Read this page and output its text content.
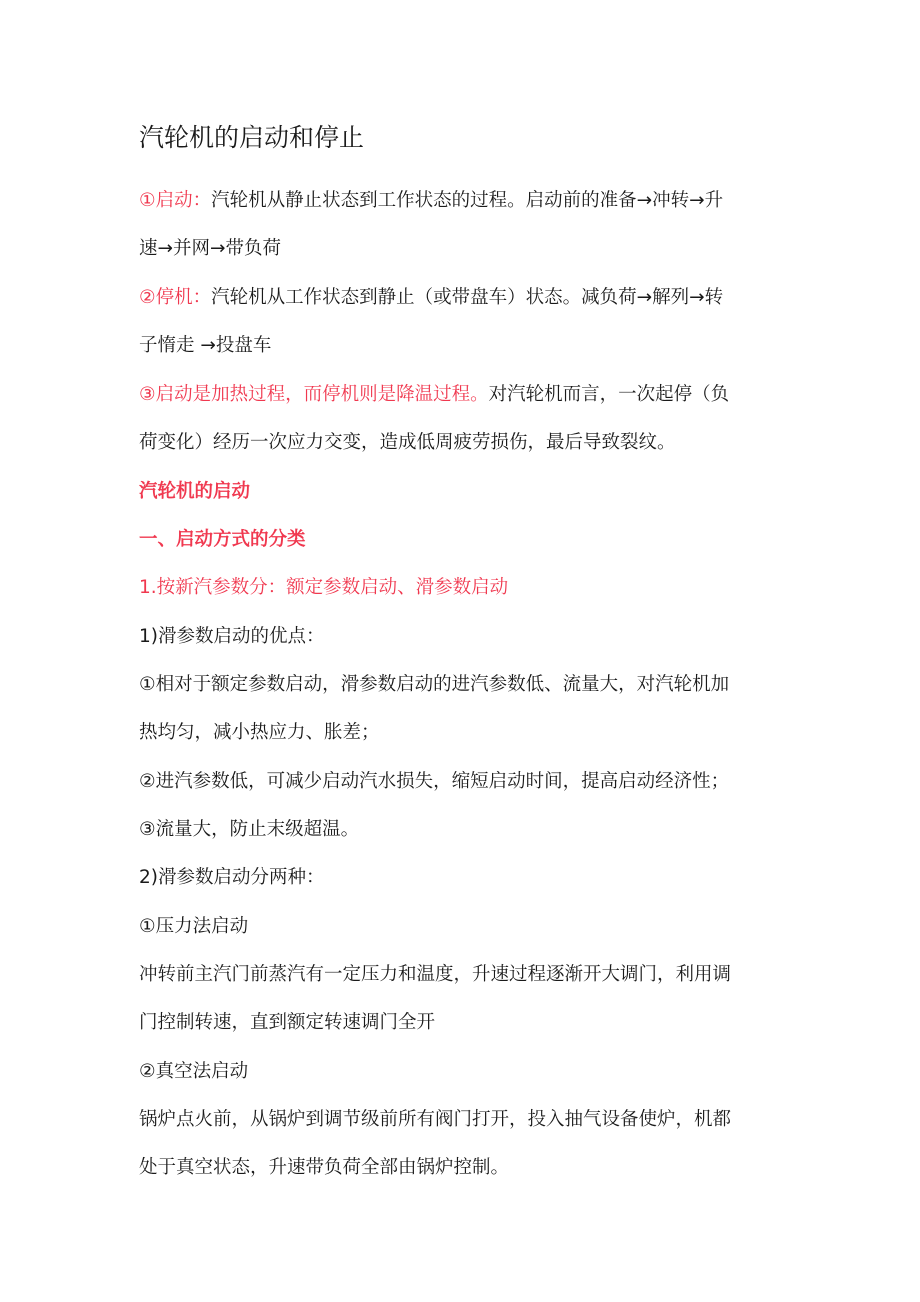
汽轮机的启动和停止
①启动：汽轮机从静止状态到工作状态的过程。启动前的准备→冲转→升
速→并网→带负荷
②停机：汽轮机从工作状态到静止（或带盘车）状态。减负荷→解列→转
子惰走 →投盘车
③启动是加热过程，而停机则是降温过程。对汽轮机而言，一次起停（负
荷变化）经历一次应力交变，造成低周疲劳损伤，最后导致裂纹。
汽轮机的启动
一、启动方式的分类
1.按新汽参数分：额定参数启动、滑参数启动
1)滑参数启动的优点：
①相对于额定参数启动，滑参数启动的进汽参数低、流量大，对汽轮机加
热均匀，减小热应力、胀差；
②进汽参数低，可减少启动汽水损失，缩短启动时间，提高启动经济性；
③流量大，防止末级超温。
2)滑参数启动分两种：
①压力法启动
冲转前主汽门前蒸汽有一定压力和温度，升速过程逐渐开大调门，利用调
门控制转速，直到额定转速调门全开
②真空法启动
锅炉点火前，从锅炉到调节级前所有阀门打开，投入抽气设备使炉，机都
处于真空状态，升速带负荷全部由锅炉控制。
